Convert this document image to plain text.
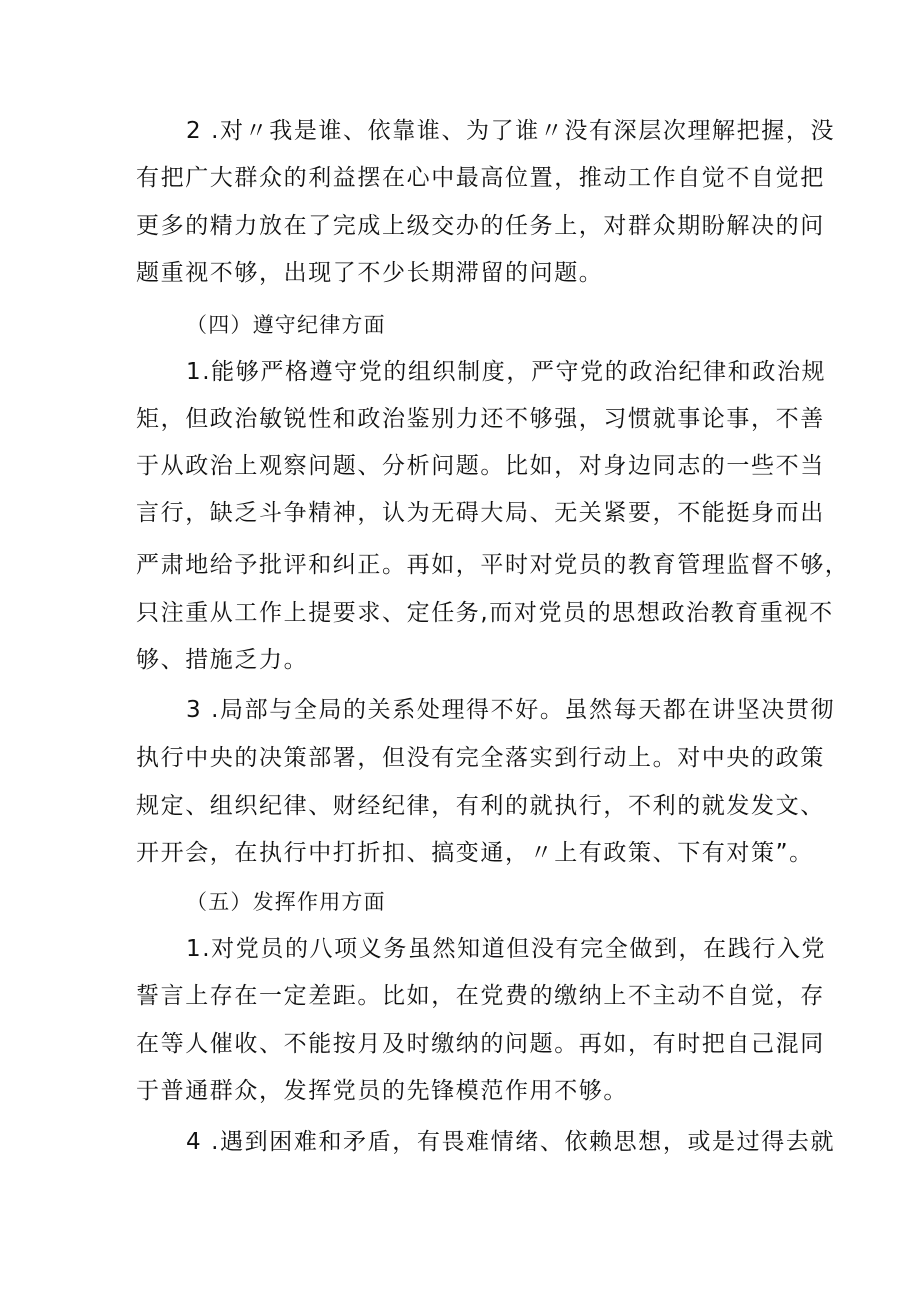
2 .对〃我是谁、依靠谁、为了谁〃没有深层次理解把握，没
有把广大群众的利益摆在心中最高位置，推动工作自觉不自觉把
更多的精力放在了完成上级交办的任务上，对群众期盼解决的问
题重视不够，出现了不少长期滞留的问题。
（四）遵守纪律方面
1.能够严格遵守党的组织制度，严守党的政治纪律和政治规
矩，但政治敏锐性和政治鉴别力还不够强，习惯就事论事，不善
于从政治上观察问题、分析问题。比如，对身边同志的一些不当
言行，缺乏斗争精神，认为无碍大局、无关紧要，不能挺身而出
严肃地给予批评和纠正。再如，平时对党员的教育管理监督不够，
只注重从工作上提要求、定任务,而对党员的思想政治教育重视不
够、措施乏力。
3 .局部与全局的关系处理得不好。虽然每天都在讲坚决贯彻
执行中央的决策部署，但没有完全落实到行动上。对中央的政策
规定、组织纪律、财经纪律，有利的就执行，不利的就发发文、
开开会，在执行中打折扣、搞变通，〃上有政策、下有对策”。
（五）发挥作用方面
1.对党员的八项义务虽然知道但没有完全做到，在践行入党
誓言上存在一定差距。比如，在党费的缴纳上不主动不自觉，存
在等人催收、不能按月及时缴纳的问题。再如，有时把自己混同
于普通群众，发挥党员的先锋模范作用不够。
4 .遇到困难和矛盾，有畏难情绪、依赖思想，或是过得去就
